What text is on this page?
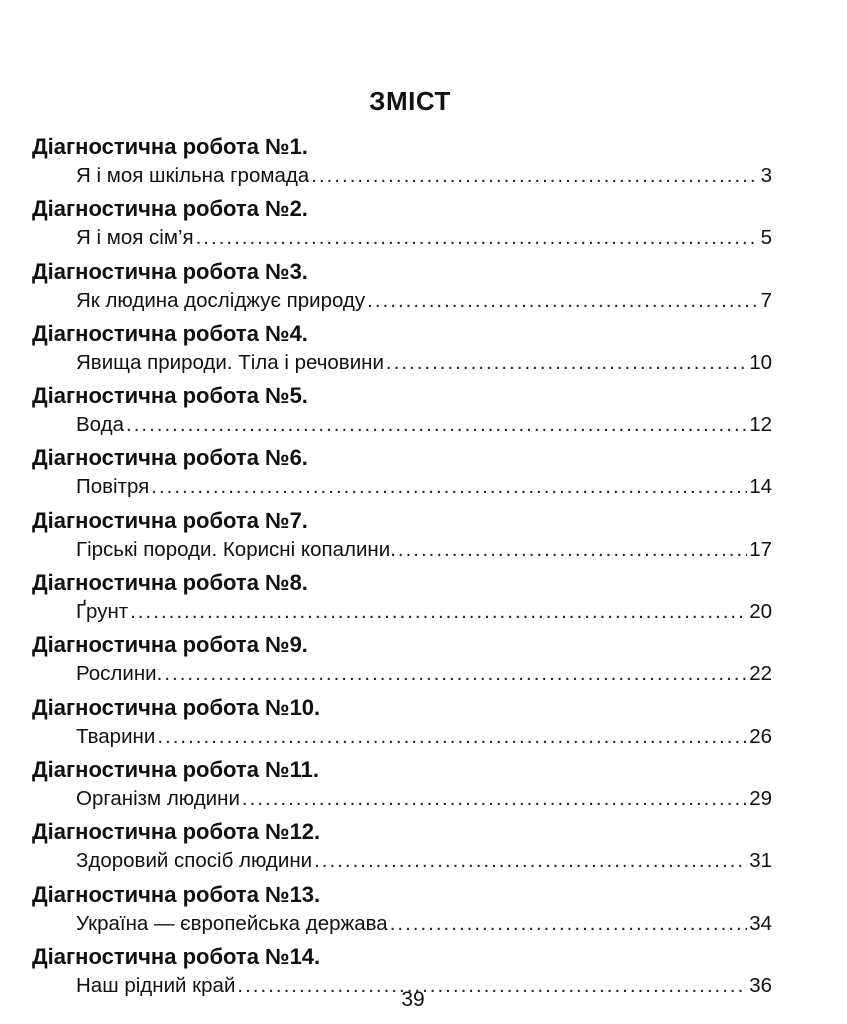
ЗМІСТ
Діагностична робота №1.
Я і моя шкільна громада .....	3
Діагностична робота №2.
Я і моя сім’я .....	5
Діагностична робота №3.
Як людина досліджує природу .....	7
Діагностична робота №4.
Явища природи. Тіла і речовини .....	10
Діагностична робота №5.
Вода .....	12
Діагностична робота №6.
Повітря .....	14
Діагностична робота №7.
Гірські породи. Корисні копалини. .....	17
Діагностична робота №8.
Ґрунт .....	20
Діагностична робота №9.
Рослини. .....	22
Діагностична робота №10.
Тварини .....	26
Діагностична робота №11.
Організм людини .....	29
Діагностична робота №12.
Здоровий спосіб людини .....	31
Діагностична робота №13.
Україна — європейська держава .....	34
Діагностична робота №14.
Наш рідний край .....	36
39
